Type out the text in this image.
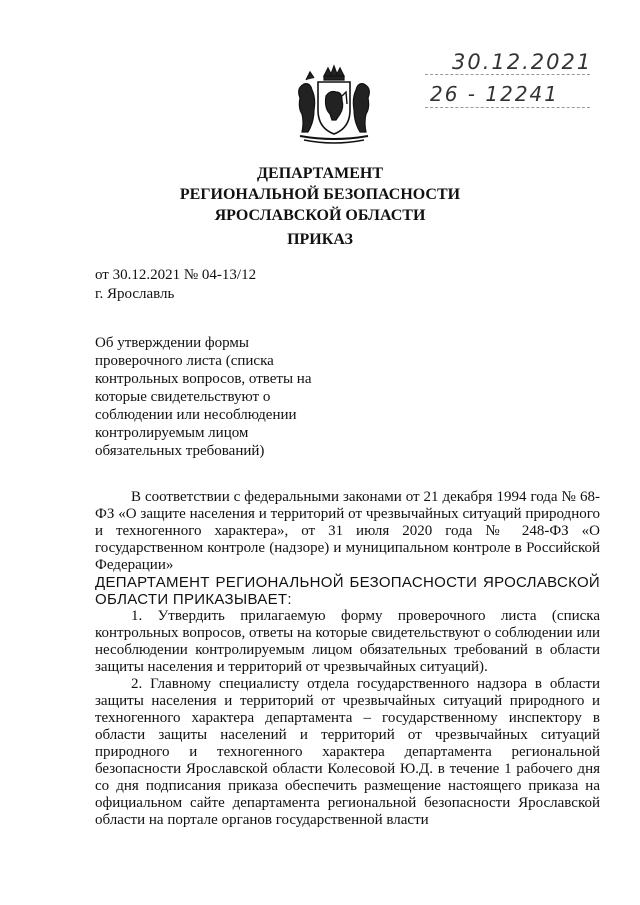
30.12.2021
26 - 12241
ДЕПАРТАМЕНТ
РЕГИОНАЛЬНОЙ БЕЗОПАСНОСТИ
ЯРОСЛАВСКОЙ ОБЛАСТИ
ПРИКАЗ
от 30.12.2021 № 04-13/12
г. Ярославль
Об утверждении формы проверочного листа (списка контрольных вопросов, ответы на которые свидетельствуют о соблюдении или несоблюдении контролируемым лицом обязательных требований)

В соответствии с федеральными законами от 21 декабря 1994 года № 68-ФЗ «О защите населения и территорий от чрезвычайных ситуаций природного и техногенного характера», от 31 июля 2020 года № 248-ФЗ «О государственном контроле (надзоре) и муниципальном контроле в Российской Федерации»

ДЕПАРТАМЕНТ РЕГИОНАЛЬНОЙ БЕЗОПАСНОСТИ ЯРОСЛАВСКОЙ ОБЛАСТИ ПРИКАЗЫВАЕТ:

1. Утвердить прилагаемую форму проверочного листа (списка контрольных вопросов, ответы на которые свидетельствуют о соблюдении или несоблюдении контролируемым лицом обязательных требований в области защиты населения и территорий от чрезвычайных ситуаций).

2. Главному специалисту отдела государственного надзора в области защиты населения и территорий от чрезвычайных ситуаций природного и техногенного характера департамента – государственному инспектору в области защиты населений и территорий от чрезвычайных ситуаций природного и техногенного характера департамента региональной безопасности Ярославской области Колесовой Ю.Д. в течение 1 рабочего дня со дня подписания приказа обеспечить размещение настоящего приказа на официальном сайте департамента региональной безопасности Ярославской области на портале органов государственной власти
